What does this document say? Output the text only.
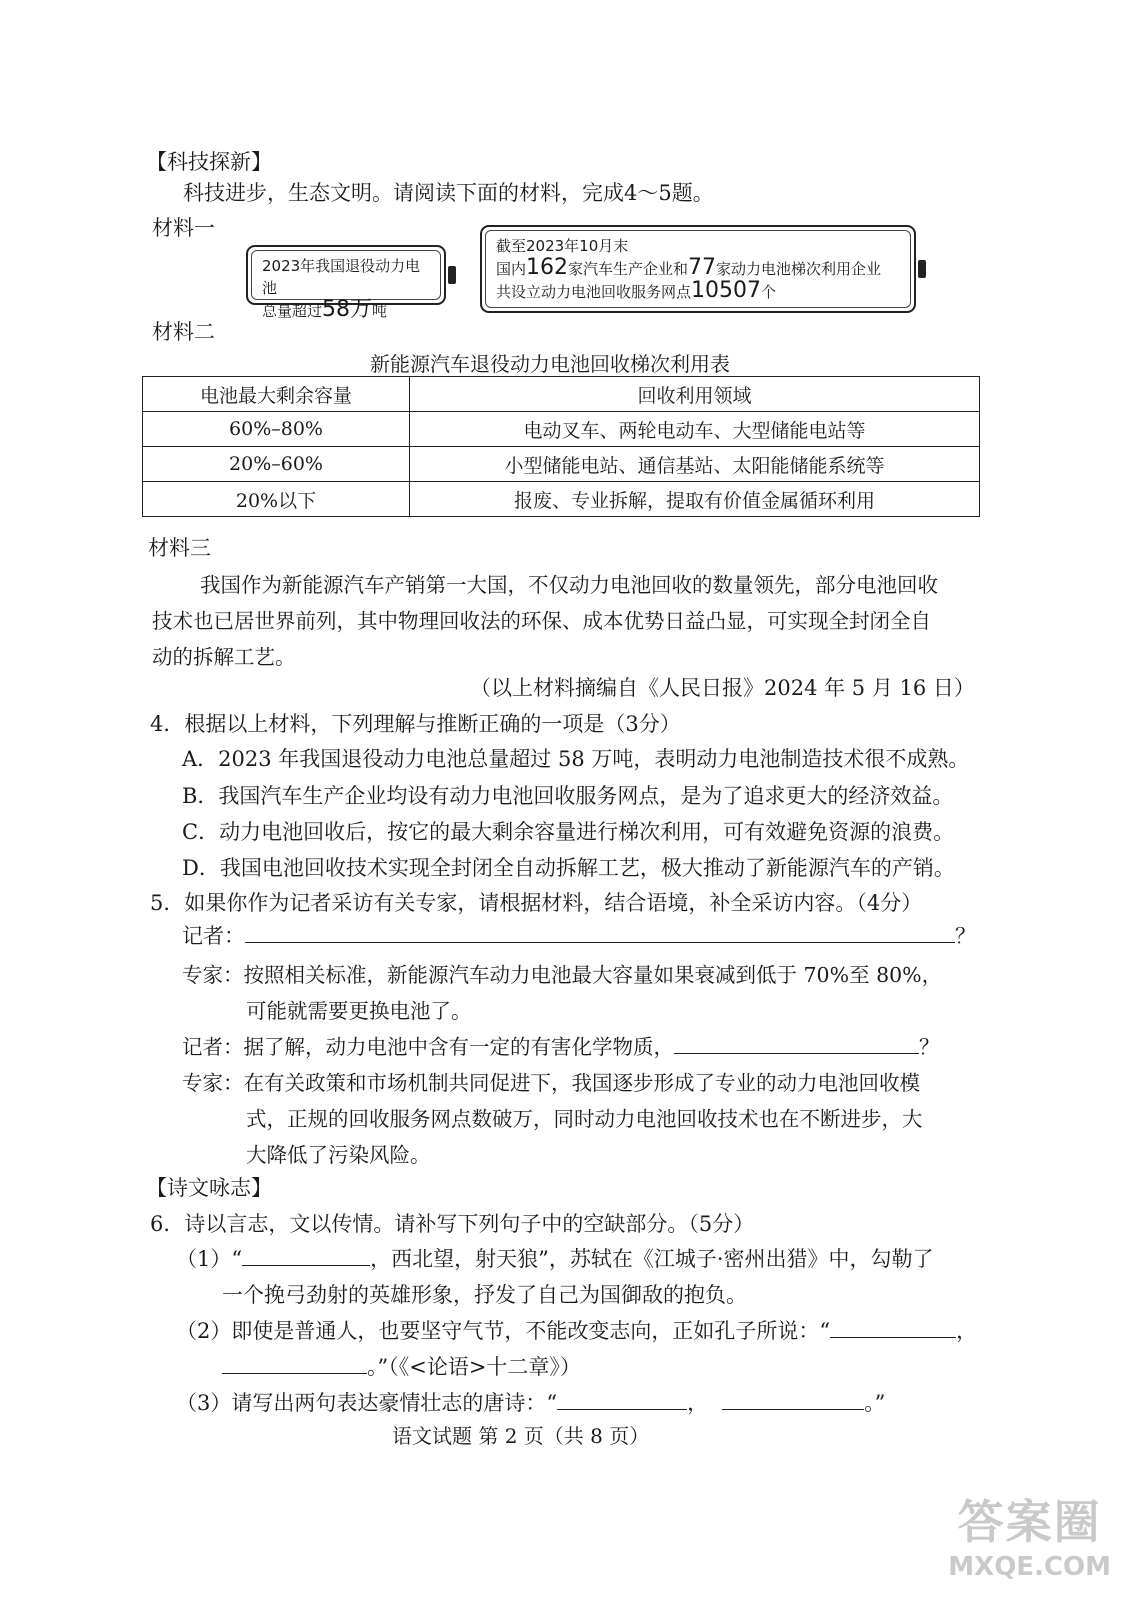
【科技探新】
科技进步，生态文明。请阅读下面的材料，完成4～5题。
材料一
2023年我国退役动力电池
总量超过58万吨
截至2023年10月末
国内162家汽车生产企业和77家动力电池梯次利用企业
共设立动力电池回收服务网点10507个
材料二
新能源汽车退役动力电池回收梯次利用表
电池最大剩余容量	回收利用领域
60%–80%	电动叉车、两轮电动车、大型储能电站等
20%–60%	小型储能电站、通信基站、太阳能储能系统等
20%以下	报废、专业拆解，提取有价值金属循环利用
材料三
我国作为新能源汽车产销第一大国，不仅动力电池回收的数量领先，部分电池回收
技术也已居世界前列，其中物理回收法的环保、成本优势日益凸显，可实现全封闭全自
动的拆解工艺。
（以上材料摘编自《人民日报》2024 年 5 月 16 日）
4．根据以上材料，下列理解与推断正确的一项是（3分）
A．2023 年我国退役动力电池总量超过 58 万吨，表明动力电池制造技术很不成熟。
B．我国汽车生产企业均设有动力电池回收服务网点，是为了追求更大的经济效益。
C．动力电池回收后，按它的最大剩余容量进行梯次利用，可有效避免资源的浪费。
D．我国电池回收技术实现全封闭全自动拆解工艺，极大推动了新能源汽车的产销。
5．如果你作为记者采访有关专家，请根据材料，结合语境，补全采访内容。（4分）
记者：	？
专家：按照相关标准，新能源汽车动力电池最大容量如果衰减到低于 70%至 80%，
可能就需要更换电池了。
记者：据了解，动力电池中含有一定的有害化学物质，	？
专家：在有关政策和市场机制共同促进下，我国逐步形成了专业的动力电池回收模
式，正规的回收服务网点数破万，同时动力电池回收技术也在不断进步，大
大降低了污染风险。
【诗文咏志】
6．诗以言志，文以传情。请补写下列句子中的空缺部分。（5分）
（1）“	，西北望，射天狼”，苏轼在《江城子·密州出猎》中，勾勒了
一个挽弓劲射的英雄形象，抒发了自己为国御敌的抱负。
（2）即使是普通人，也要坚守气节，不能改变志向，正如孔子所说：“	，
。”（《<论语>十二章》）
（3）请写出两句表达豪情壮志的唐诗：“	，	。”
语文试题 第 2 页（共 8 页）
答案圈
MXQE.COM
